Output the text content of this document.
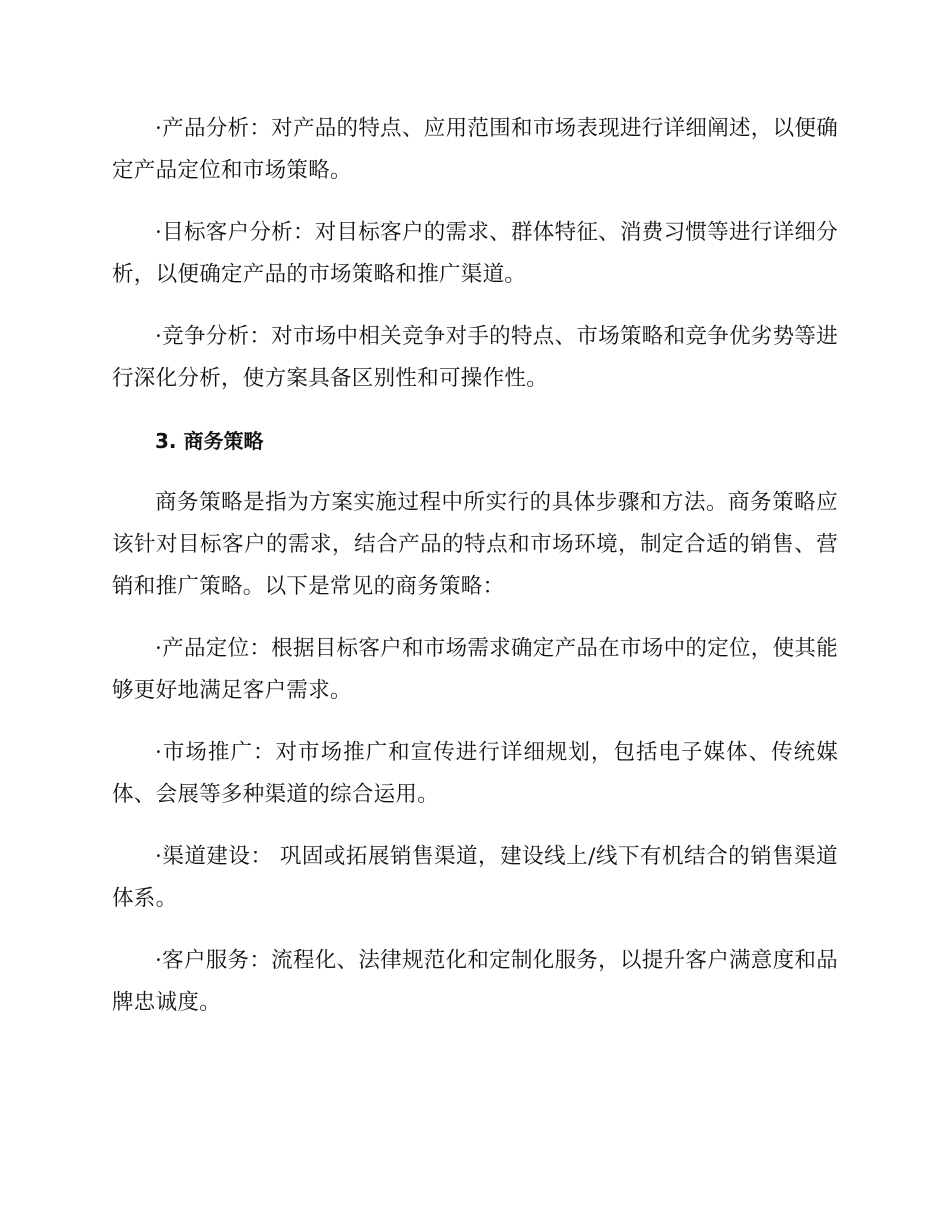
·产品分析：对产品的特点、应用范围和市场表现进行详细阐述，以便确定产品定位和市场策略。

·目标客户分析：对目标客户的需求、群体特征、消费习惯等进行详细分析，以便确定产品的市场策略和推广渠道。

·竞争分析：对市场中相关竞争对手的特点、市场策略和竞争优劣势等进行深化分析，使方案具备区别性和可操作性。

3. 商务策略

商务策略是指为方案实施过程中所实行的具体步骤和方法。商务策略应该针对目标客户的需求，结合产品的特点和市场环境，制定合适的销售、营销和推广策略。以下是常见的商务策略：

·产品定位：根据目标客户和市场需求确定产品在市场中的定位，使其能够更好地满足客户需求。

·市场推广：对市场推广和宣传进行详细规划，包括电子媒体、传统媒体、会展等多种渠道的综合运用。

·渠道建设： 巩固或拓展销售渠道，建设线上/线下有机结合的销售渠道体系。

·客户服务：流程化、法律规范化和定制化服务，以提升客户满意度和品牌忠诚度。
